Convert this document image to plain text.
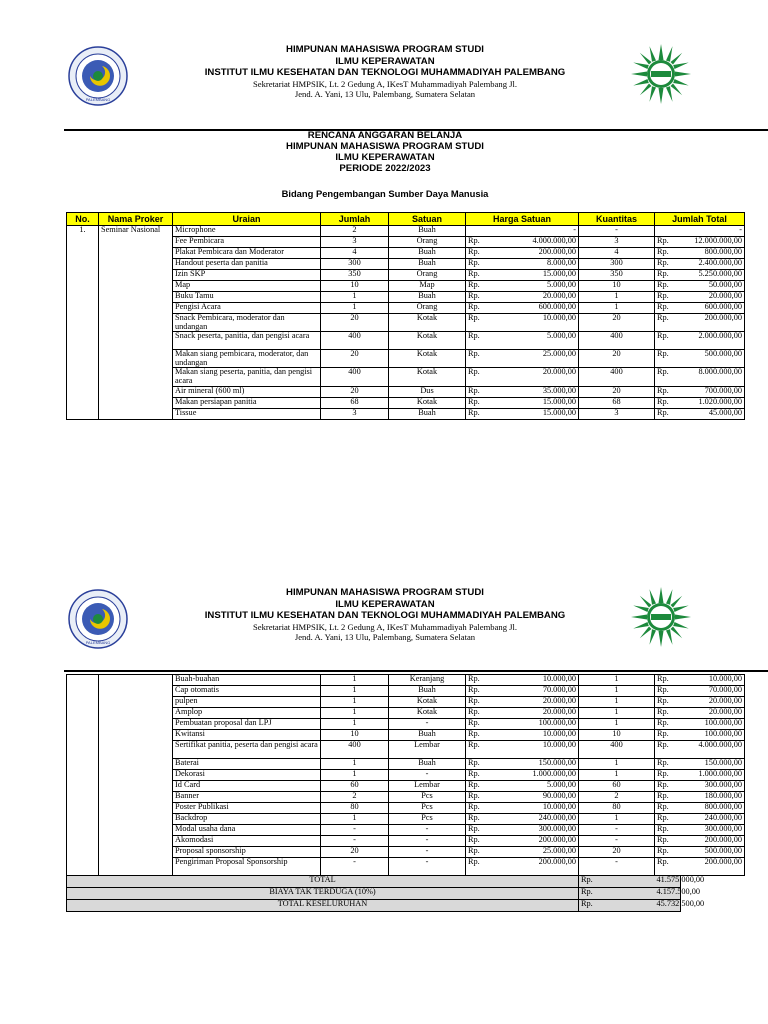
PALEMBANG
HIMPUNAN MAHASISWA PROGRAM STUDI
ILMU KEPERAWATAN
INSTITUT ILMU KESEHATAN DAN TEKNOLOGI MUHAMMADIYAH PALEMBANG
Sekretariat HMPSIK, Lt. 2 Gedung A, IKesT Muhammadiyah Palembang Jl.
Jend. A. Yani, 13 Ulu, Palembang, Sumatera Selatan
RENCANA ANGGARAN BELANJA
HIMPUNAN MAHASISWA PROGRAM STUDI
ILMU KEPERAWATAN
PERIODE 2022/2023
Bidang Pengembangan Sumber Daya Manusia
No.	Nama Proker	Uraian	Jumlah	Satuan	Harga Satuan		Kuantitas	Jumlah Total	
1.	Seminar Nasional	Microphone	2	Buah		-	-		-
		Fee Pembicara	3	Orang	Rp.	4.000.000,00	3	Rp.	12.000.000,00
		Plakat Pembicara dan Moderator	4	Buah	Rp.	200.000,00	4	Rp.	800.000,00
		Handout peserta dan panitia	300	Buah	Rp.	8.000,00	300	Rp.	2.400.000,00
		Izin SKP	350	Orang	Rp.	15.000,00	350	Rp.	5.250.000,00
		Map	10	Map	Rp.	5.000,00	10	Rp.	50.000,00
		Buku Tamu	1	Buah	Rp.	20.000,00	1	Rp.	20.000,00
		Pengisi Acara	1	Orang	Rp.	600.000,00	1	Rp.	600.000,00
		Snack Pembicara, moderator dan undangan	20	Kotak	Rp.	10.000,00	20	Rp.	200.000,00
		Snack peserta, panitia, dan pengisi acara	400	Kotak	Rp.	5.000,00	400	Rp.	2.000.000,00
		Makan siang pembicara, moderator, dan undangan	20	Kotak	Rp.	25.000,00	20	Rp.	500.000,00
		Makan siang peserta, panitia, dan pengisi acara	400	Kotak	Rp.	20.000,00	400	Rp.	8.000.000,00
		Air mineral (600 ml)	20	Dus	Rp.	35.000,00	20	Rp.	700.000,00
		Makan persiapan panitia	68	Kotak	Rp.	15.000,00	68	Rp.	1.020.000,00
		Tissue	3	Buah	Rp.	15.000,00	3	Rp.	45.000,00
PALEMBANG
HIMPUNAN MAHASISWA PROGRAM STUDI
ILMU KEPERAWATAN
INSTITUT ILMU KESEHATAN DAN TEKNOLOGI MUHAMMADIYAH PALEMBANG
Sekretariat HMPSIK, Lt. 2 Gedung A, IKesT Muhammadiyah Palembang Jl.
Jend. A. Yani, 13 Ulu, Palembang, Sumatera Selatan
		Buah-buahan	1	Keranjang	Rp.	10.000,00	1	Rp.	10.000,00
		Cap otomatis	1	Buah	Rp.	70.000,00	1	Rp.	70.000,00
		pulpen	1	Kotak	Rp.	20.000,00	1	Rp.	20.000,00
		Amplop	1	Kotak	Rp.	20.000,00	1	Rp.	20.000,00
		Pembuatan proposal dan LPJ	1	-	Rp.	100.000,00	1	Rp.	100.000,00
		Kwitansi	10	Buah	Rp.	10.000,00	10	Rp.	100.000,00
		Sertifikat panitia, peserta dan pengisi acara	400	Lembar	Rp.	10.000,00	400	Rp.	4.000.000,00
		Baterai	1	Buah	Rp.	150.000,00	1	Rp.	150.000,00
		Dekorasi	1	-	Rp.	1.000.000,00	1	Rp.	1.000.000,00
		Id Card	60	Lembar	Rp.	5.000,00	60	Rp.	300.000,00
		Banner	2	Pcs	Rp.	90.000,00	2	Rp.	180.000,00
		Poster Publikasi	80	Pcs	Rp.	10.000,00	80	Rp.	800.000,00
		Backdrop	1	Pcs	Rp.	240.000,00	1	Rp.	240.000,00
		Modal usaha dana	-	-	Rp.	300.000,00	-	Rp.	300.000,00
		Akomodasi	-	-	Rp.	200.000,00	-	Rp.	200.000,00
		Proposal sponsorship	20	-	Rp.	25.000,00	20	Rp.	500.000,00
		Pengiriman Proposal Sponsorship	-	-	Rp.	200.000,00	-	Rp.	200.000,00
TOTAL							Rp.	41.575.000,00	
BIAYA TAK TERDUGA (10%)							Rp.	4.157.500,00	
TOTAL KESELURUHAN							Rp.	45.732.500,00	
